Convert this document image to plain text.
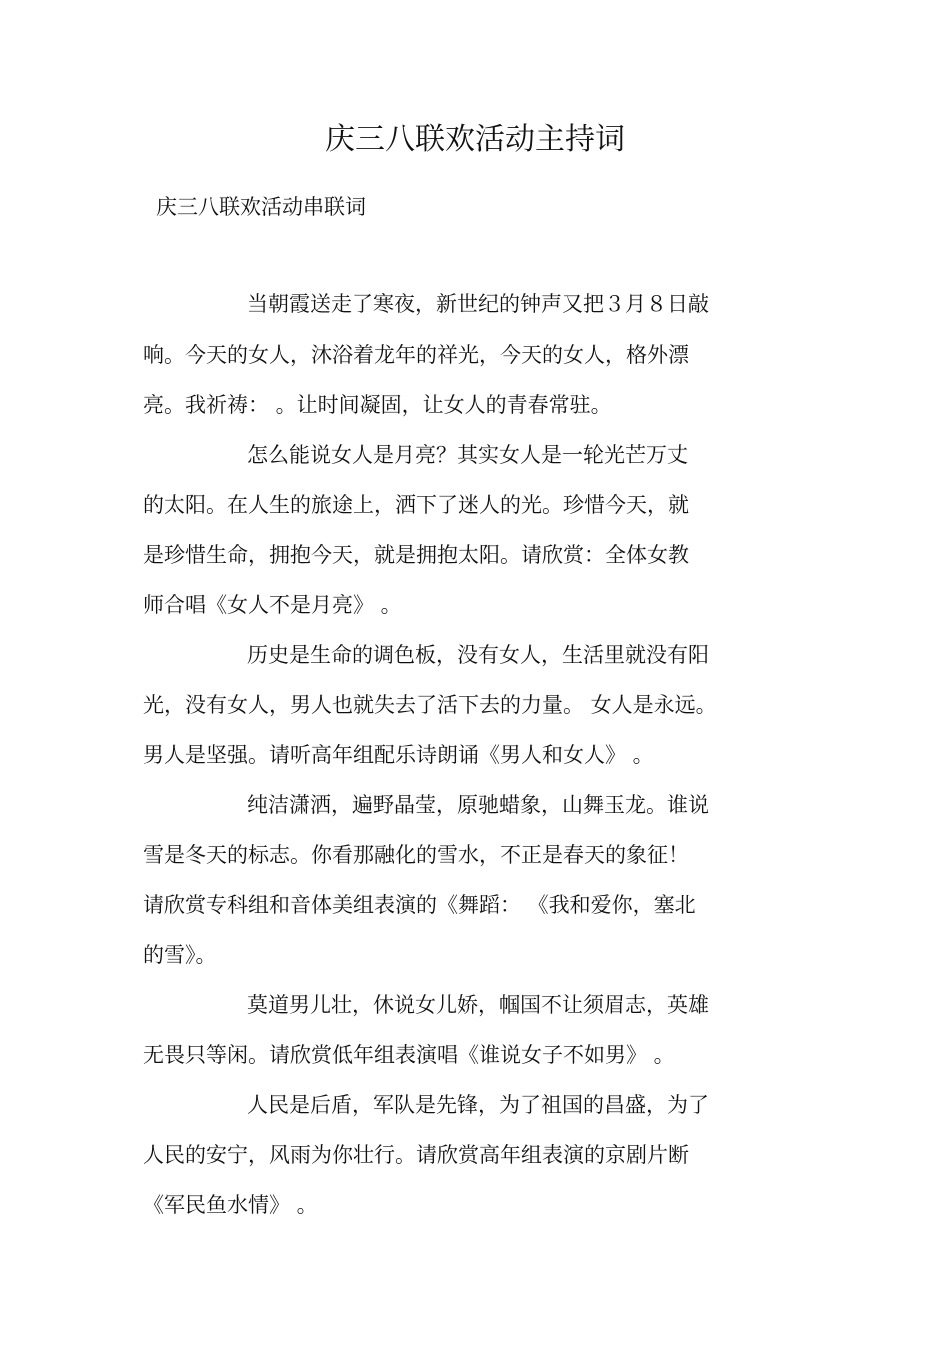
庆三八联欢活动主持词
庆三八联欢活动串联词
当朝霞送走了寒夜，新世纪的钟声又把３月８日敲
响。今天的女人，沐浴着龙年的祥光，今天的女人，格外漂
亮。我祈祷： 。让时间凝固，让女人的青春常驻。
怎么能说女人是月亮？其实女人是一轮光芒万丈
的太阳。在人生的旅途上，洒下了迷人的光。珍惜今天，就
是珍惜生命，拥抱今天，就是拥抱太阳。请欣赏：全体女教
师合唱《女人不是月亮》 。
历史是生命的调色板，没有女人，生活里就没有阳
光，没有女人，男人也就失去了活下去的力量。 女人是永远。
男人是坚强。请听高年组配乐诗朗诵《男人和女人》 。
纯洁潇洒，遍野晶莹，原驰蜡象，山舞玉龙。谁说
雪是冬天的标志。你看那融化的雪水，不正是春天的象征！
请欣赏专科组和音体美组表演的《舞蹈： 《我和爱你，塞北
的雪》。
莫道男儿壮，休说女儿娇，帼国不让须眉志，英雄
无畏只等闲。请欣赏低年组表演唱《谁说女子不如男》 。
人民是后盾，军队是先锋，为了祖国的昌盛，为了
人民的安宁，风雨为你壮行。请欣赏高年组表演的京剧片断
《军民鱼水情》 。
